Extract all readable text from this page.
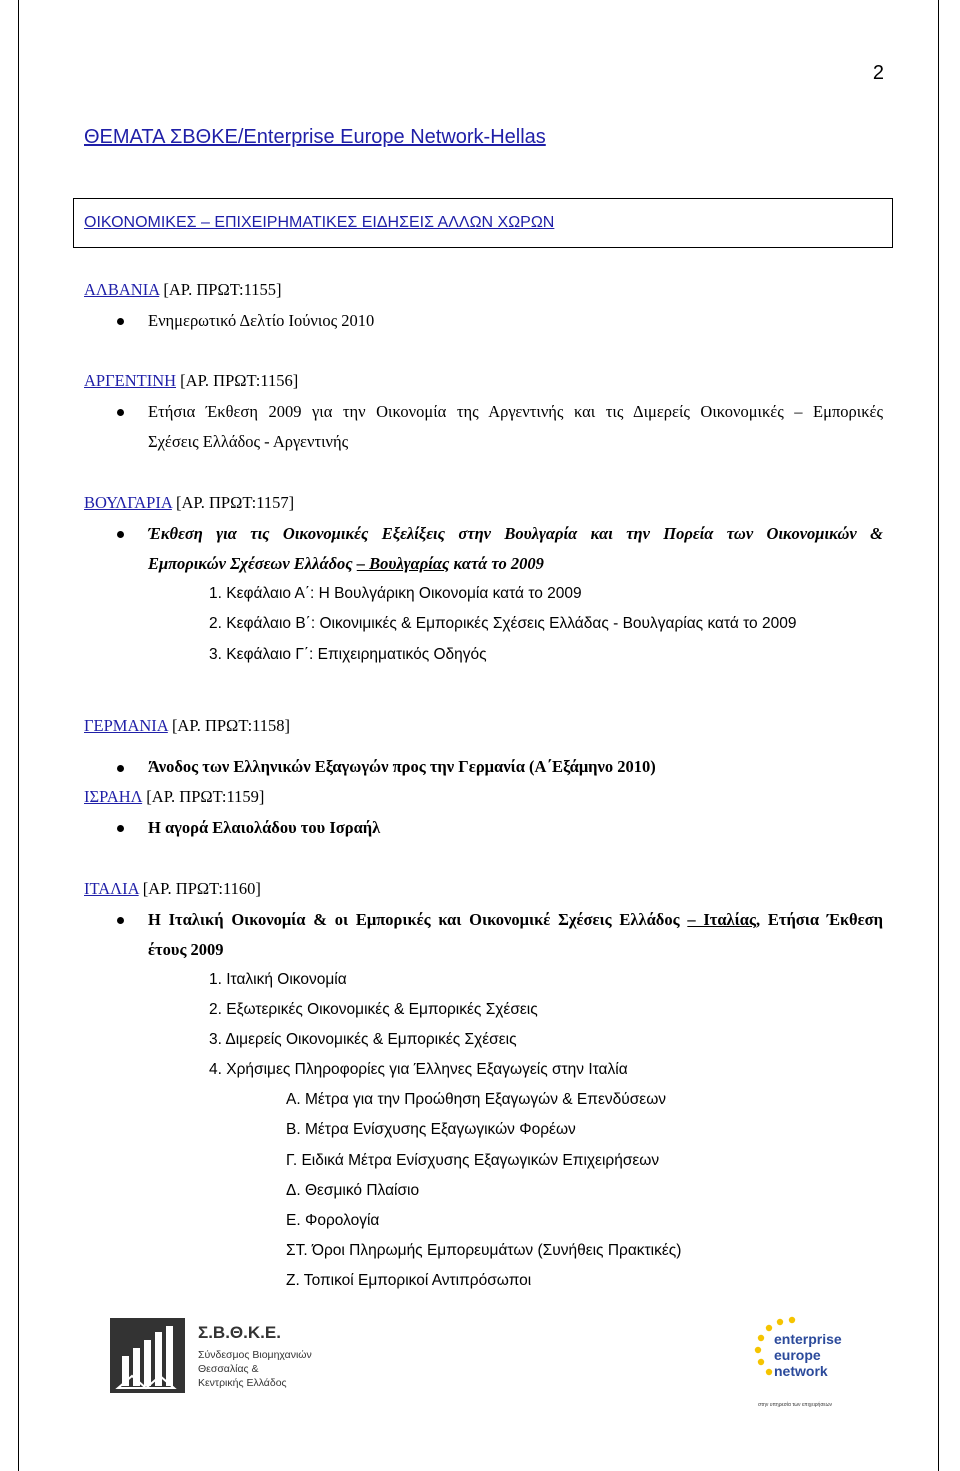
2
ΘΕΜΑΤΑ ΣΒΘΚΕ/Enterprise Europe Network-Hellas
ΟΙΚΟΝΟΜΙΚΕΣ – ΕΠΙΧΕΙΡΗΜΑΤΙΚΕΣ ΕΙΔΗΣΕΙΣ ΑΛΛΩΝ ΧΩΡΩΝ
ΑΛΒΑΝΙΑ [ΑΡ. ΠΡΩΤ:1155]
Ενημερωτικό Δελτίο Ιούνιος 2010
ΑΡΓΕΝΤΙΝΗ [ΑΡ. ΠΡΩΤ:1156]
Ετήσια Έκθεση 2009 για την Οικονομία της Αργεντινής και τις Διμερείς Οικονομικές – Εμπορικές
Σχέσεις Ελλάδος - Αργεντινής
ΒΟΥΛΓΑΡΙΑ [ΑΡ. ΠΡΩΤ:1157]
Έκθεση για τις Οικονομικές Εξελίξεις στην Βουλγαρία και την Πορεία των Οικονομικών &
Εμπορικών Σχέσεων Ελλάδος – Βουλγαρίας κατά το 2009
1. Κεφάλαιο Α΄: Η Βουλγάρικη Οικονομία κατά το 2009
2. Κεφάλαιο Β΄: Οικονιμικές & Εμπορικές Σχέσεις Ελλάδας - Βουλγαρίας κατά το 2009
3. Κεφάλαιο Γ΄: Επιχειρηματικός Οδηγός
ΓΕΡΜΑΝΙΑ [ΑΡ. ΠΡΩΤ:1158]
Άνοδος των Ελληνικών Εξαγωγών προς την Γερμανία (Α΄Εξάμηνο 2010)
ΙΣΡΑΗΛ [ΑΡ. ΠΡΩΤ:1159]
Η αγορά Ελαιολάδου του Ισραήλ
ΙΤΑΛΙΑ [ΑΡ. ΠΡΩΤ:1160]
Η Ιταλική Οικονομία & οι Εμπορικές και Οικονομικέ Σχέσεις Ελλάδος – Ιταλίας, Ετήσια Έκθεση
έτους 2009
1. Ιταλική Οικονομία
2. Εξωτερικές Οικονομικές & Εμπορικές Σχέσεις
3. Διμερείς Οικονομικές & Εμπορικές Σχέσεις
4. Χρήσιμες Πληροφορίες για Έλληνες Εξαγωγείς στην Ιταλία
Α. Μέτρα για την Προώθηση Εξαγωγών & Επενδύσεων
Β. Μέτρα Ενίσχυσης Εξαγωγικών Φορέων
Γ. Ειδικά Μέτρα Ενίσχυσης Εξαγωγικών Επιχειρήσεων
Δ. Θεσμικό Πλαίσιο
Ε. Φορολογία
ΣΤ. Όροι Πληρωμής Εμπορευμάτων (Συνήθεις Πρακτικές)
Ζ. Τοπικοί Εμπορικοί Αντιπρόσωποι
Σ.Β.Θ.Κ.Ε.
Σύνδεσμος Βιομηχανιών
Θεσσαλίας &
Κεντρικής Ελλάδος
enterprise
europe
network
στην υπηρεσία των επιχειρήσεων
